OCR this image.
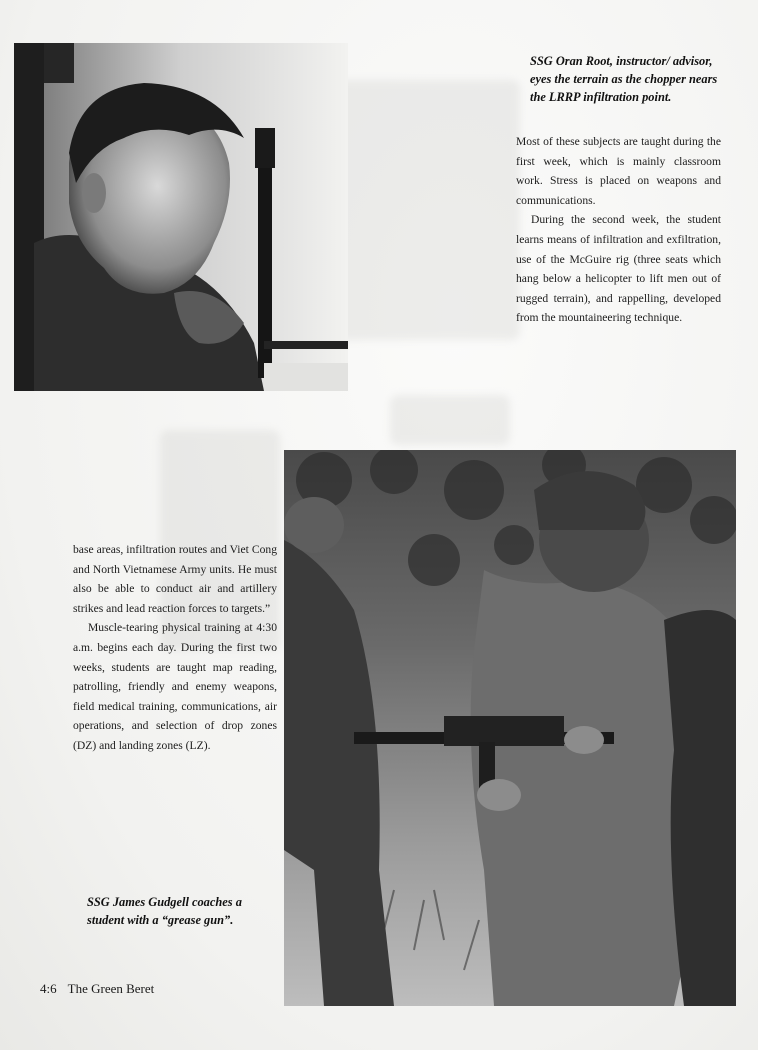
SSG Oran Root, instructor/ advisor, eyes the terrain as the chopper nears the LRRP infiltration point.

Most of these subjects are taught during the first week, which is mainly classroom work. Stress is placed on weapons and communications.

During the second week, the student learns means of infiltration and exfiltration, use of the McGuire rig (three seats which hang below a helicopter to lift men out of rugged terrain), and rappelling, developed from the mountaineering technique.

base areas, infiltration routes and Viet Cong and North Vietnamese Army units. He must also be able to conduct air and artillery strikes and lead reaction forces to targets.”

Muscle-tearing physical training at 4:30 a.m. begins each day. During the first two weeks, students are taught map reading, patrolling, friendly and enemy weapons, field medical training, communications, air operations, and selection of drop zones (DZ) and landing zones (LZ).

SSG James Gudgell coaches a student with a “grease gun”.

4:6 The Green Beret
